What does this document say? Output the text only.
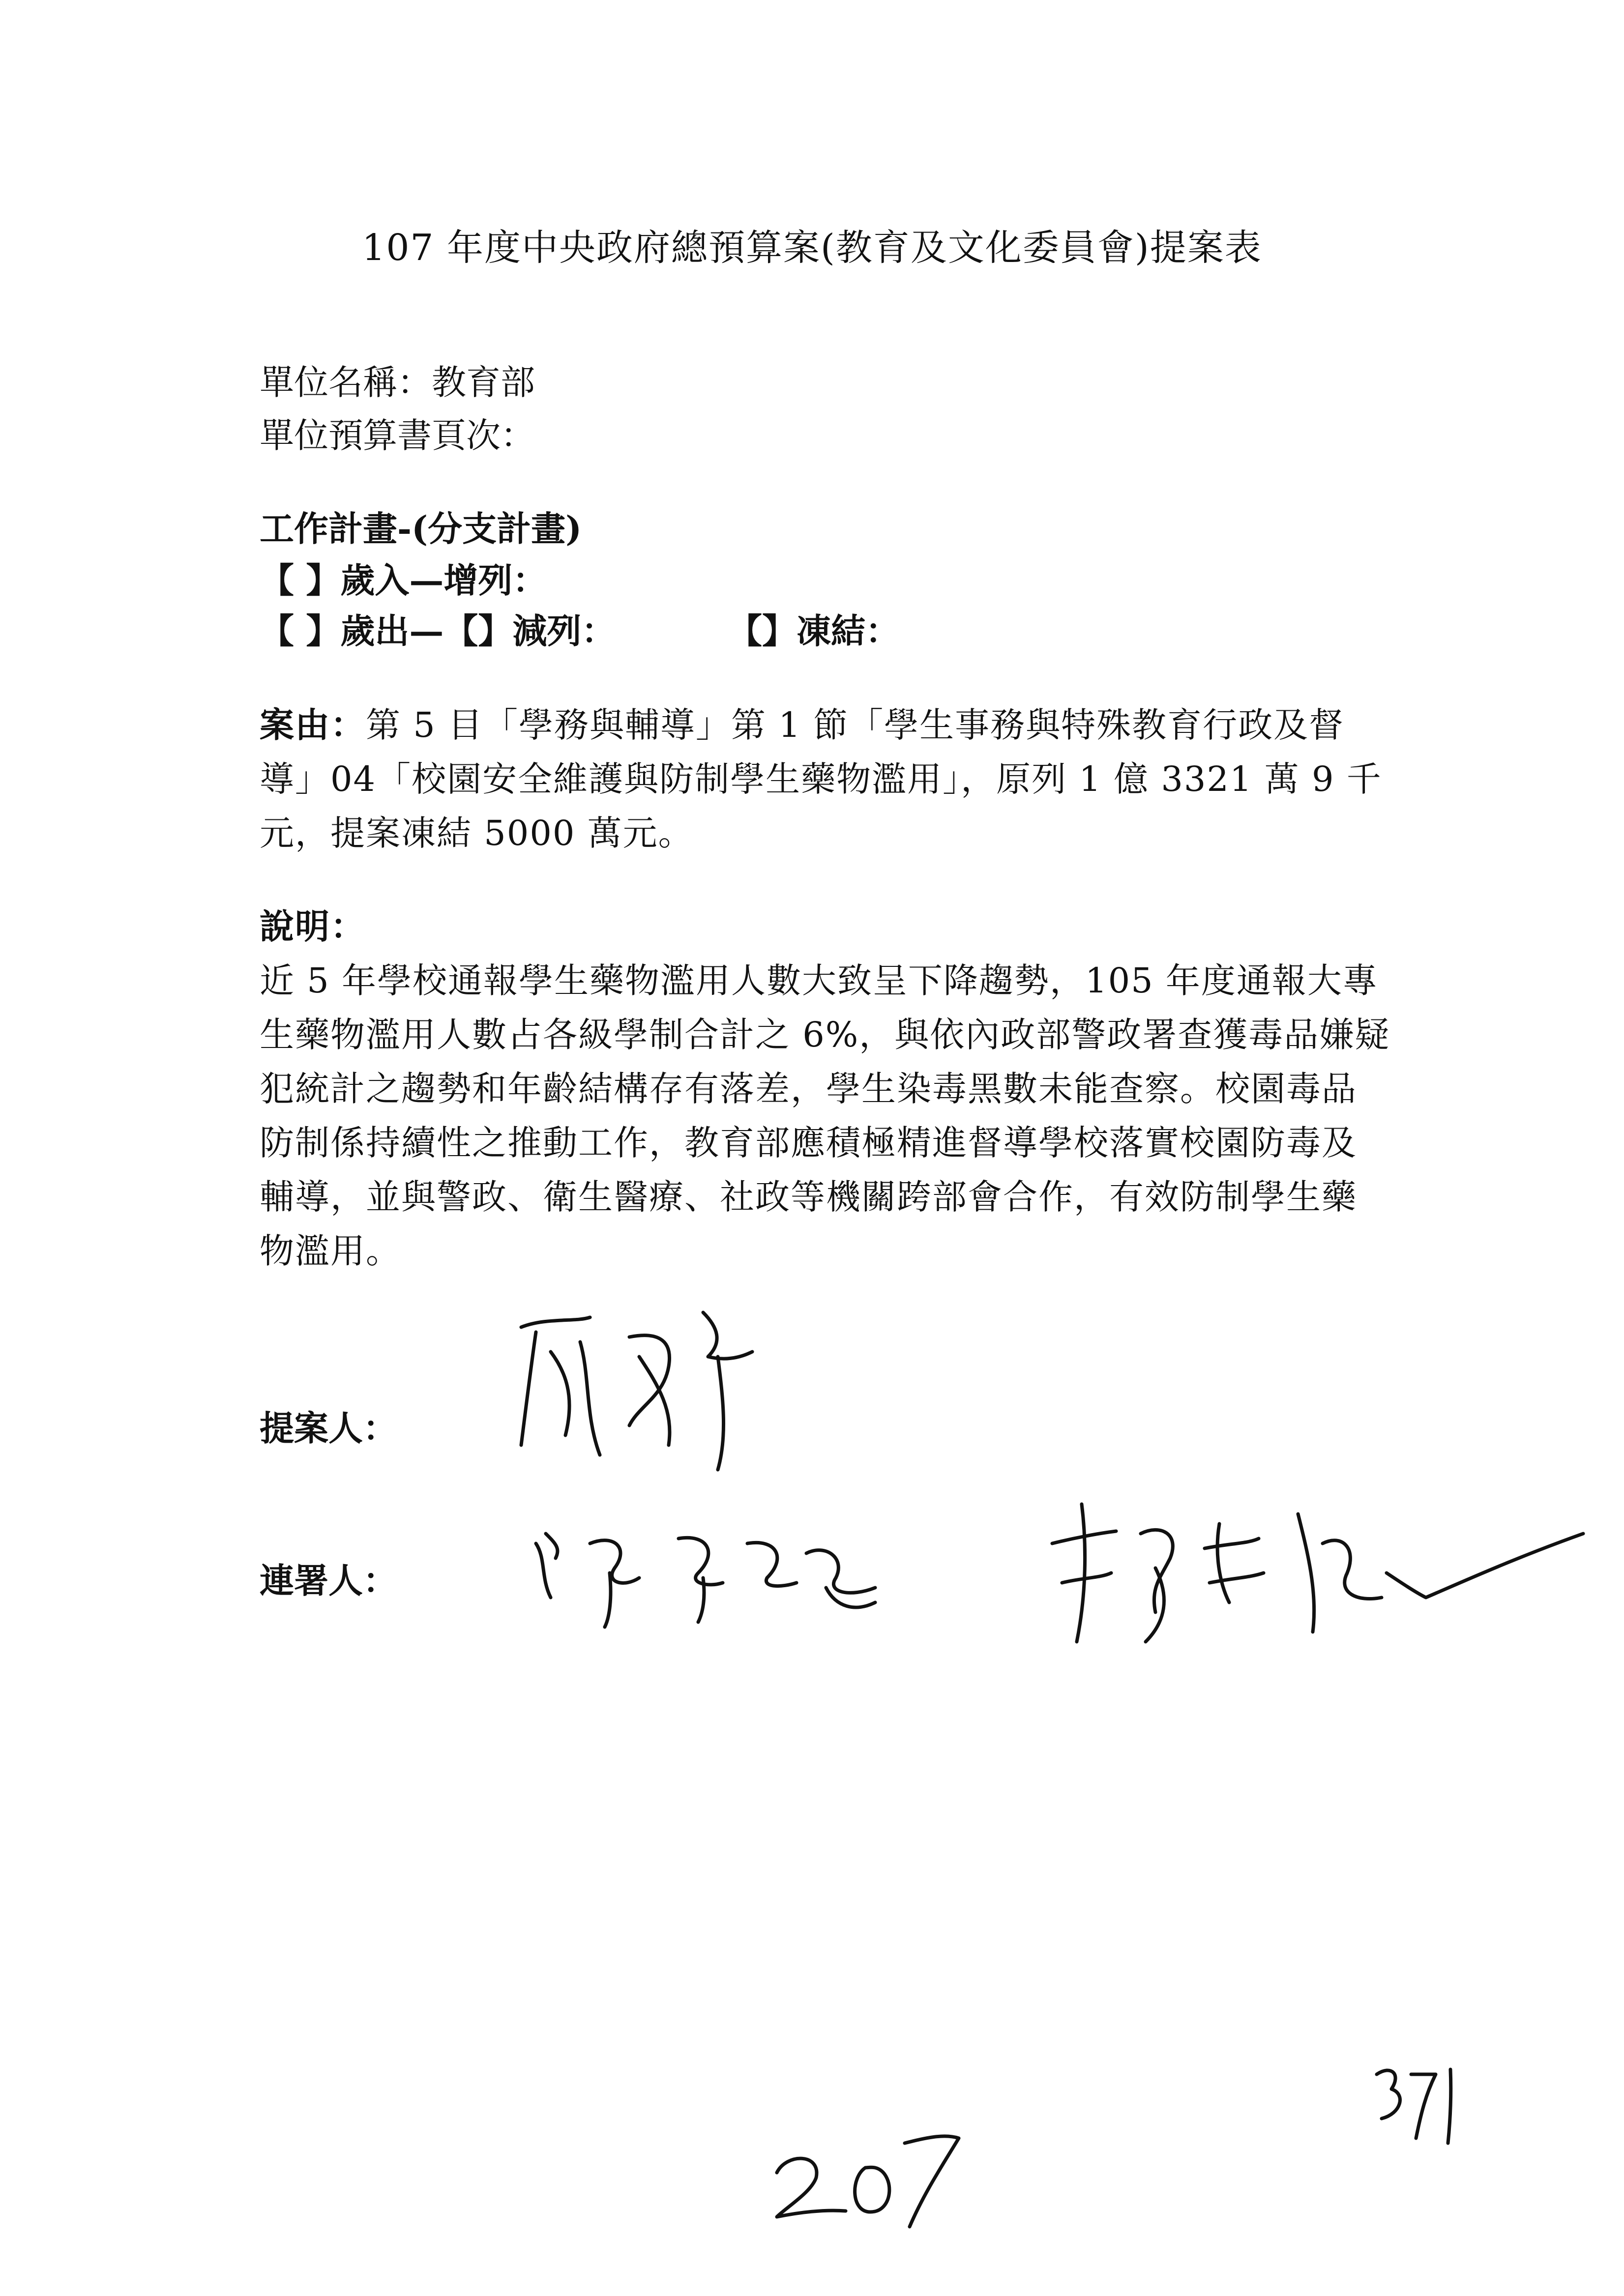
107 年度中央政府總預算案(教育及文化委員會)提案表
單位名稱：教育部
單位預算書頁次：
工作計畫-(分支計畫)
【 】歲入—增列：
【 】歲出—【】減列：	【】凍結：
案由：第 5 目「學務與輔導」第 1 節「學生事務與特殊教育行政及督導」04「校園安全維護與防制學生藥物濫用」，原列 1 億 3321 萬 9 千元，提案凍結 5000 萬元。
說明：
近 5 年學校通報學生藥物濫用人數大致呈下降趨勢，105 年度通報大專生藥物濫用人數占各級學制合計之 6%，與依內政部警政署查獲毒品嫌疑犯統計之趨勢和年齡結構存有落差，學生染毒黑數未能查察。校園毒品防制係持續性之推動工作，教育部應積極精進督導學校落實校園防毒及輔導，並與警政、衛生醫療、社政等機關跨部會合作，有效防制學生藥物濫用。
提案人：
連署人：
